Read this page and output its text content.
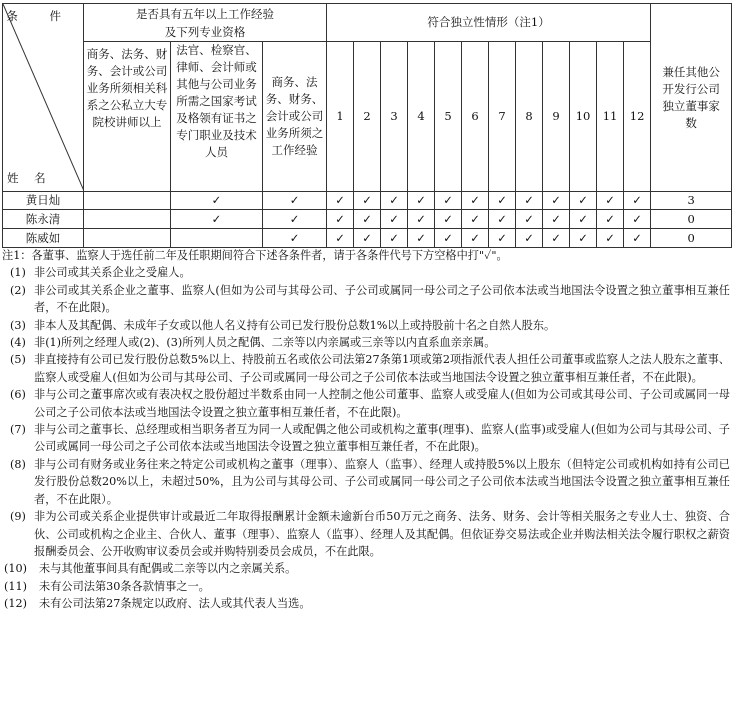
条 件
姓 名	是否具有五年以上工作经验
及下列专业资格			符合独立性情形（注1）												兼任其他公开发行公司独立董事家数
	商务、法务、财务、会计或公司业务所须相关科系之公私立大专院校讲师以上	法官、检察官、律师、会计师或其他与公司业务所需之国家考试及格领有证书之专门职业及技术人员	商务、法务、财务、会计或公司业务所须之工作经验	1	2	3	4	5	6	7	8	9	10	11	12	
黄日灿		✓	✓	✓	✓	✓	✓	✓	✓	✓	✓	✓	✓	✓	✓	3
陈永清		✓	✓	✓	✓	✓	✓	✓	✓	✓	✓	✓	✓	✓	✓	0
陈威如			✓	✓	✓	✓	✓	✓	✓	✓	✓	✓	✓	✓	✓	0
注1：各董事、监察人于选任前二年及任职期间符合下述各条件者，请于各条件代号下方空格中打"✓"。
(1) 非公司或其关系企业之受雇人。
(2) 非公司或其关系企业之董事、监察人(但如为公司与其母公司、子公司或属同一母公司之子公司依本法或当地国法令设置之独立董事相互兼任者，不在此限)。
(3) 非本人及其配偶、未成年子女或以他人名义持有公司已发行股份总数1%以上或持股前十名之自然人股东。
(4) 非(1)所列之经理人或(2)、(3)所列人员之配偶、二亲等以内亲属或三亲等以内直系血亲亲属。
(5) 非直接持有公司已发行股份总数5%以上、持股前五名或依公司法第27条第1项或第2项指派代表人担任公司董事或监察人之法人股东之董事、监察人或受雇人(但如为公司与其母公司、子公司或属同一母公司之子公司依本法或当地国法令设置之独立董事相互兼任者，不在此限)。
(6) 非与公司之董事席次或有表决权之股份超过半数系由同一人控制之他公司董事、监察人或受雇人(但如为公司或其母公司、子公司或属同一母公司之子公司依本法或当地国法令设置之独立董事相互兼任者，不在此限)。
(7) 非与公司之董事长、总经理或相当职务者互为同一人或配偶之他公司或机构之董事(理事)、监察人(监事)或受雇人(但如为公司与其母公司、子公司或属同一母公司之子公司依本法或当地国法令设置之独立董事相互兼任者，不在此限)。
(8) 非与公司有财务或业务往来之特定公司或机构之董事（理事）、监察人（监事）、经理人或持股5%以上股东（但特定公司或机构如持有公司已发行股份总数20%以上，未超过50%，且为公司与其母公司、子公司或属同一母公司之子公司依本法或当地国法令设置之独立董事相互兼任者，不在此限）。
(9) 非为公司或关系企业提供审计或最近二年取得报酬累计金额未逾新台币50万元之商务、法务、财务、会计等相关服务之专业人士、独资、合伙、公司或机构之企业主、合伙人、董事（理事）、监察人（监事）、经理人及其配偶。但依证券交易法或企业并购法相关法令履行职权之薪资报酬委员会、公开收购审议委员会或并购特别委员会成员，不在此限。
(10) 未与其他董事间具有配偶或二亲等以内之亲属关系。
(11) 未有公司法第30条各款情事之一。
(12) 未有公司法第27条规定以政府、法人或其代表人当选。
